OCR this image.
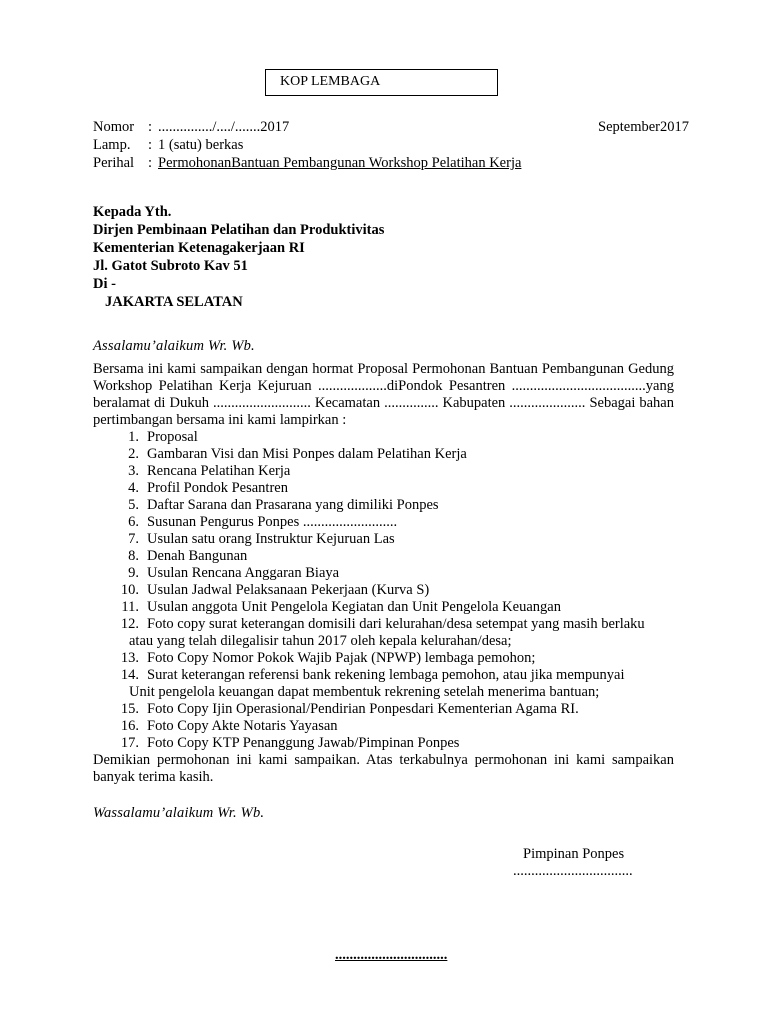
KOP LEMBAGA
Nomor : .............../..../.......2017
Lamp.	: 1 (satu) berkas
Perihal : PermohonanBantuan Pembangunan Workshop Pelatihan Kerja
September2017
Kepada Yth.
Dirjen Pembinaan Pelatihan dan Produktivitas
Kementerian Ketenagakerjaan RI
Jl. Gatot Subroto Kav 51
Di -
JAKARTA SELATAN
Assalamu’alaikum Wr. Wb.

Bersama ini kami sampaikan dengan hormat Proposal Permohonan Bantuan Pembangunan Gedung Workshop Pelatihan Kerja Kejuruan ...................diPondok Pesantren .....................................yang beralamat di Dukuh ........................... Kecamatan ............... Kabupaten ..................... Sebagai bahan pertimbangan bersama ini kami lampirkan :

1. Proposal
2. Gambaran Visi dan Misi Ponpes dalam Pelatihan Kerja
3. Rencana Pelatihan Kerja
4. Profil Pondok Pesantren
5. Daftar Sarana dan Prasarana yang dimiliki Ponpes
6. Susunan Pengurus Ponpes ..........................
7. Usulan satu orang Instruktur Kejuruan Las
8. Denah Bangunan
9. Usulan Rencana Anggaran Biaya
10. Usulan Jadwal Pelaksanaan Pekerjaan (Kurva S)
11. Usulan anggota Unit Pengelola Kegiatan dan Unit Pengelola Keuangan
12. Foto copy surat keterangan domisili dari kelurahan/desa setempat yang masih berlaku
atau yang telah dilegalisir tahun 2017 oleh kepala kelurahan/desa;
13. Foto Copy Nomor Pokok Wajib Pajak (NPWP) lembaga pemohon;
14. Surat keterangan referensi bank rekening lembaga pemohon, atau jika mempunyai
Unit pengelola keuangan dapat membentuk rekrening setelah menerima bantuan;
15. Foto Copy Ijin Operasional/Pendirian Ponpesdari Kementerian Agama RI.
16. Foto Copy Akte Notaris Yayasan
17. Foto Copy KTP Penanggung Jawab/Pimpinan Ponpes

Demikian permohonan ini kami sampaikan. Atas terkabulnya permohonan ini kami sampaikan banyak terima kasih.

Wassalamu’alaikum Wr. Wb.
Pimpinan Ponpes
.................................
...............................
